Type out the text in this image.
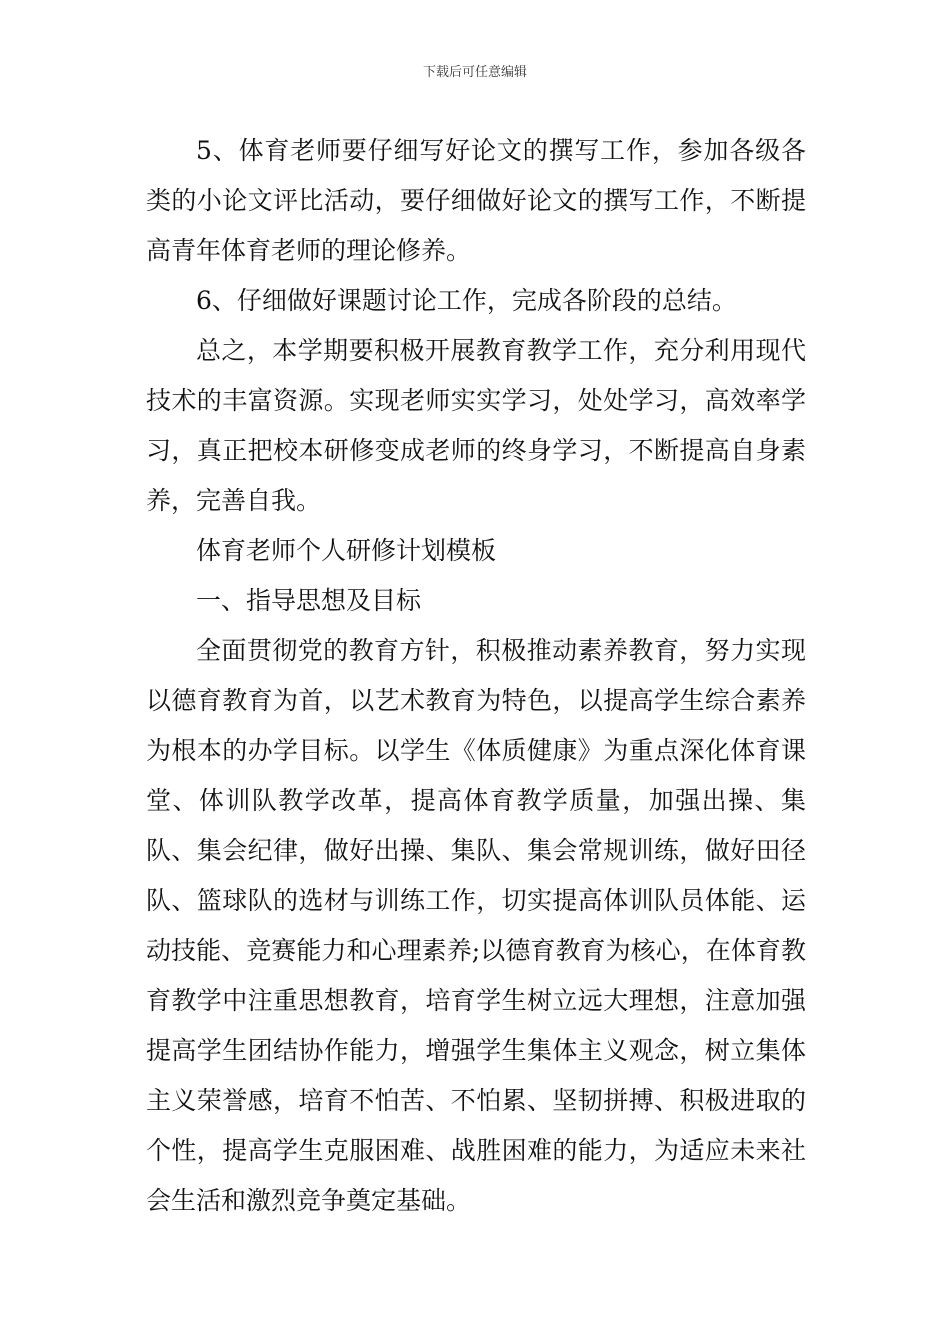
下载后可任意编辑

5、体育老师要仔细写好论文的撰写工作，参加各级各类的小论文评比活动，要仔细做好论文的撰写工作，不断提高青年体育老师的理论修养。

6、仔细做好课题讨论工作，完成各阶段的总结。

总之，本学期要积极开展教育教学工作，充分利用现代技术的丰富资源。实现老师实实学习，处处学习，高效率学习，真正把校本研修变成老师的终身学习，不断提高自身素养，完善自我。

体育老师个人研修计划模板

一、指导思想及目标

全面贯彻党的教育方针，积极推动素养教育，努力实现以德育教育为首，以艺术教育为特色，以提高学生综合素养为根本的办学目标。以学生《体质健康》为重点深化体育课堂、体训队教学改革，提高体育教学质量，加强出操、集队、集会纪律，做好出操、集队、集会常规训练，做好田径队、篮球队的选材与训练工作，切实提高体训队员体能、运动技能、竞赛能力和心理素养;以德育教育为核心，在体育教育教学中注重思想教育，培育学生树立远大理想，注意加强提高学生团结协作能力，增强学生集体主义观念，树立集体主义荣誉感，培育不怕苦、不怕累、坚韧拼搏、积极进取的个性，提高学生克服困难、战胜困难的能力，为适应未来社会生活和激烈竞争奠定基础。
